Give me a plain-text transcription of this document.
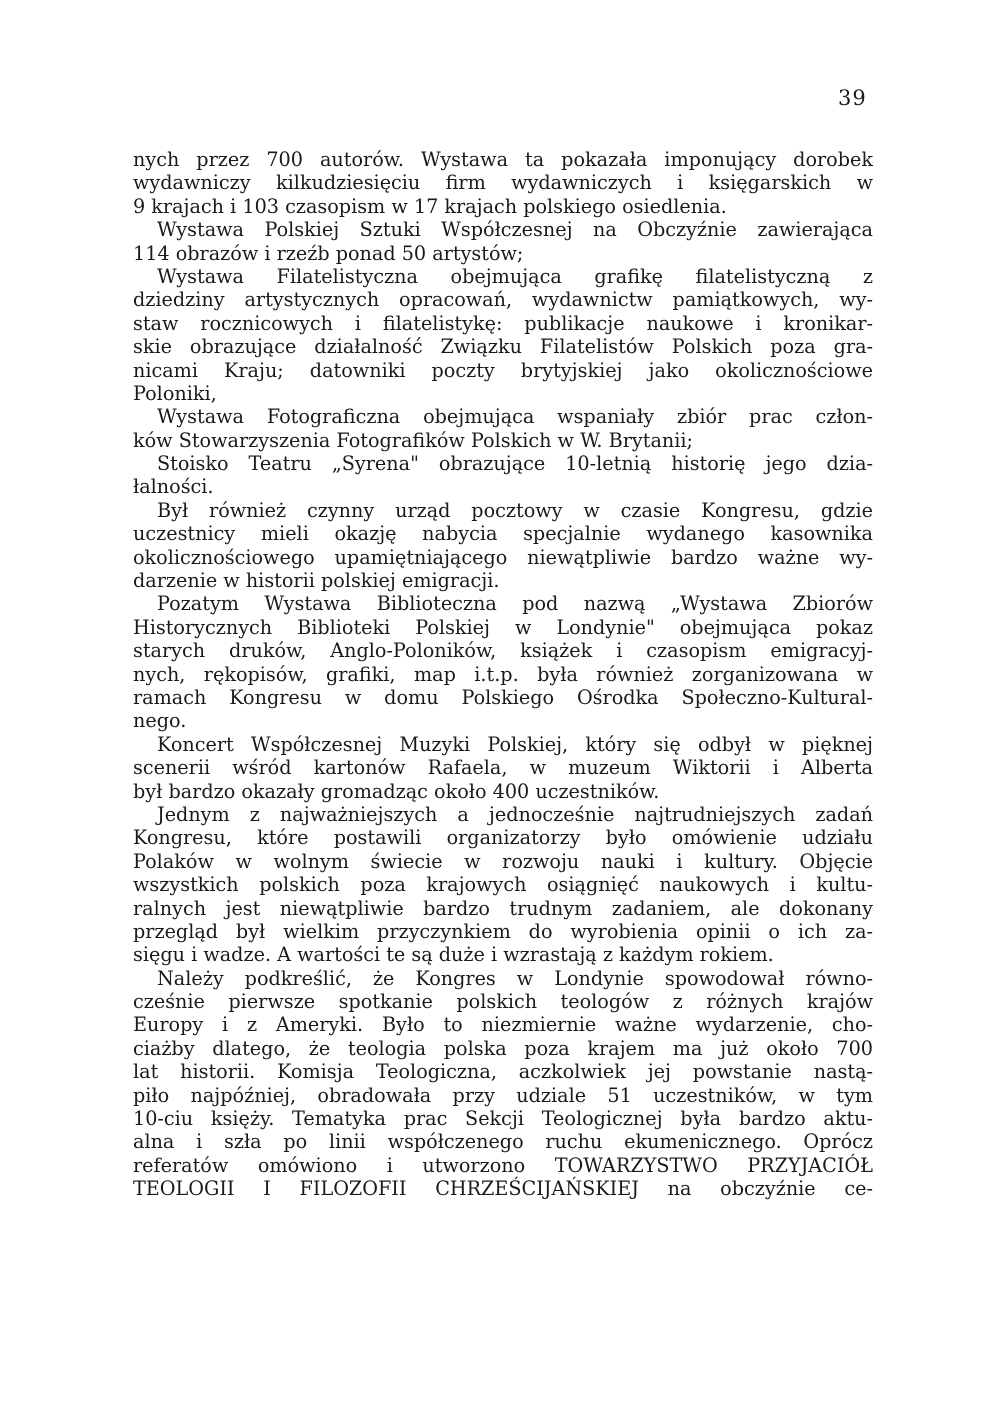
39
nych przez 700 autorów. Wystawa ta pokazała imponujący dorobek
wydawniczy kilkudziesięciu firm wydawniczych i księgarskich w
9 krajach i 103 czasopism w 17 krajach polskiego osiedlenia.
Wystawa Polskiej Sztuki Współczesnej na Obczyźnie zawierająca
114 obrazów i rzeźb ponad 50 artystów;
Wystawa Filatelistyczna obejmująca grafikę filatelistyczną z
dziedziny artystycznych opracowań, wydawnictw pamiątkowych, wy-
staw rocznicowych i filatelistykę: publikacje naukowe i kronikar-
skie obrazujące działalność Związku Filatelistów Polskich poza gra-
nicami Kraju; datowniki poczty brytyjskiej jako okolicznościowe
Poloniki,
Wystawa Fotograficzna obejmująca wspaniały zbiór prac człon-
ków Stowarzyszenia Fotografików Polskich w W. Brytanii;
Stoisko Teatru „Syrena" obrazujące 10-letnią historię jego dzia-
łalności.
Był również czynny urząd pocztowy w czasie Kongresu, gdzie
uczestnicy mieli okazję nabycia specjalnie wydanego kasownika
okolicznościowego upamiętniającego niewątpliwie bardzo ważne wy-
darzenie w historii polskiej emigracji.
Pozatym Wystawa Biblioteczna pod nazwą „Wystawa Zbiorów
Historycznych Biblioteki Polskiej w Londynie" obejmująca pokaz
starych druków, Anglo-Poloników, książek i czasopism emigracyj-
nych, rękopisów, grafiki, map i.t.p. była również zorganizowana w
ramach Kongresu w domu Polskiego Ośrodka Społeczno-Kultural-
nego.
Koncert Współczesnej Muzyki Polskiej, który się odbył w pięknej
scenerii wśród kartonów Rafaela, w muzeum Wiktorii i Alberta
był bardzo okazały gromadząc około 400 uczestników.
Jednym z najważniejszych a jednocześnie najtrudniejszych zadań
Kongresu, które postawili organizatorzy było omówienie udziału
Polaków w wolnym świecie w rozwoju nauki i kultury. Objęcie
wszystkich polskich poza krajowych osiągnięć naukowych i kultu-
ralnych jest niewątpliwie bardzo trudnym zadaniem, ale dokonany
przegląd był wielkim przyczynkiem do wyrobienia opinii o ich za-
sięgu i wadze. A wartości te są duże i wzrastają z każdym rokiem.
Należy podkreślić, że Kongres w Londynie spowodował równo-
cześnie pierwsze spotkanie polskich teologów z różnych krajów
Europy i z Ameryki. Było to niezmiernie ważne wydarzenie, cho-
ciażby dlatego, że teologia polska poza krajem ma już około 700
lat historii. Komisja Teologiczna, aczkolwiek jej powstanie nastą-
piło najpóźniej, obradowała przy udziale 51 uczestników, w tym
10-ciu księży. Tematyka prac Sekcji Teologicznej była bardzo aktu-
alna i szła po linii współczenego ruchu ekumenicznego. Oprócz
referatów omówiono i utworzono TOWARZYSTWO PRZYJACIÓŁ
TEOLOGII I FILOZOFII CHRZEŚCIJAŃSKIEJ na obczyźnie ce-
